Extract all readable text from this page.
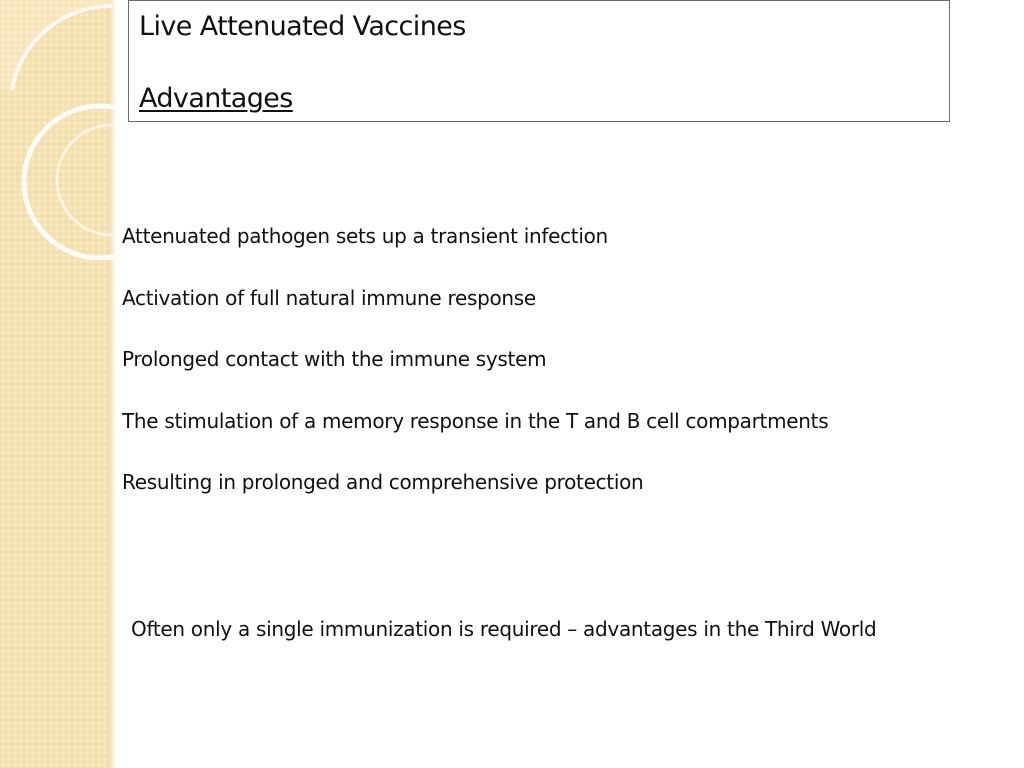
Live Attenuated Vaccines
Advantages
Attenuated pathogen sets up a transient infection
Activation of full natural immune response
Prolonged contact with the immune system
The stimulation of a memory response in the T and B cell compartments
Resulting in prolonged and comprehensive protection
Often only a single immunization is required – advantages in the Third World
